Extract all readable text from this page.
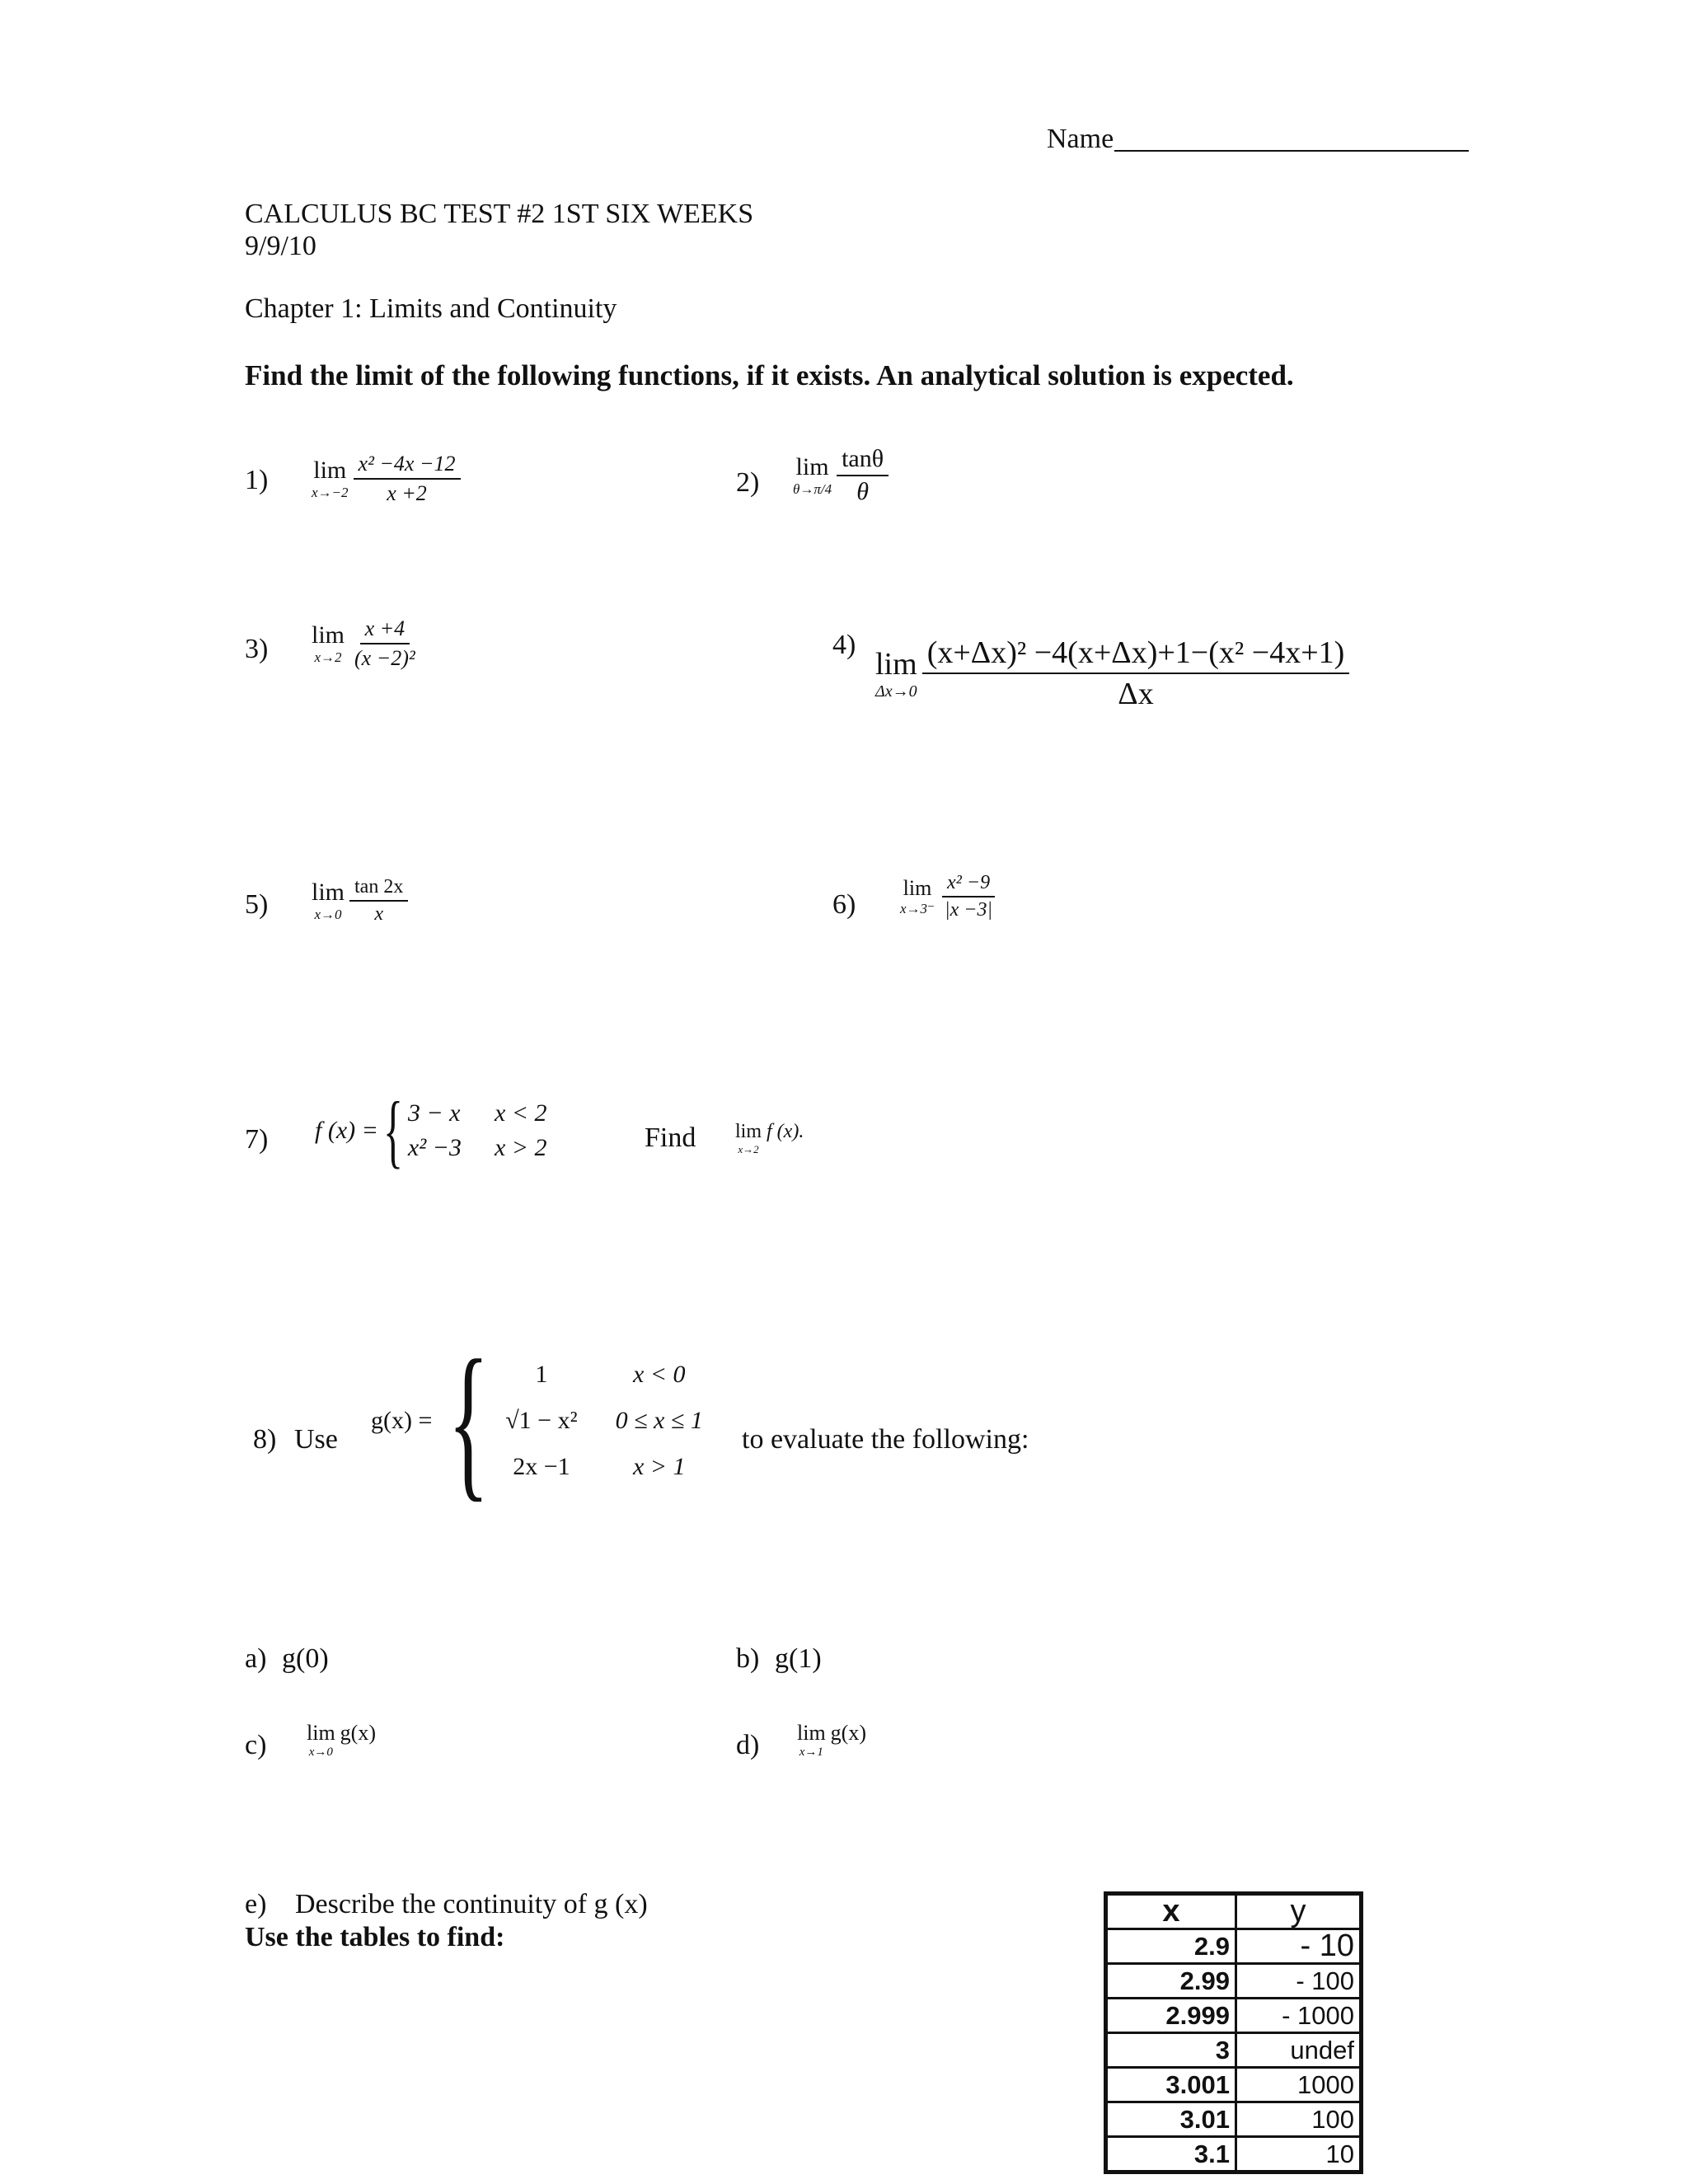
Name
CALCULUS BC TEST #2 1ST SIX WEEKS
9/9/10
Chapter 1: Limits and Continuity
Find the limit of the following functions, if it exists. An analytical solution is expected.
1) lim
x→−2
$\frac{\text{x² −4x −12}}{x +2}$	2)
lim
θ→π/4
$\frac{\tan\theta}{\theta}$
3) lim
x→2
$\frac{x +4}{\text{(x −2)²}}$	4)
lim
Δx→0
$\frac{\text{(x+Δx)² −4(x+Δx)+1−(x² −4x+1)}}{\Delta x}$
5) lim
x→0
$\frac{\tan 2x}{x}$	6)
lim
x→3⁻
$\frac{\text{x² −9}}{|x -3|}$
7) f (x) = { 3 − x x < 2
x² −3 x > 2	Find lim
x→2
f (x).
8) Use
g(x) = {	1	x < 0
√1 − x² 0 ≤ x ≤ 1
2x −1	x > 1
to evaluate the following:
a) g(0)	b) g(1)
c) lim
x→0
g(x)	d) lim
x→1
g(x)
e) Describe the continuity of g (x)
Use the tables to find:
x	y
2.9	- 10
2.99	- 100
2.999	- 1000
3	undef
3.001	1000
3.01	100
3.1	10
